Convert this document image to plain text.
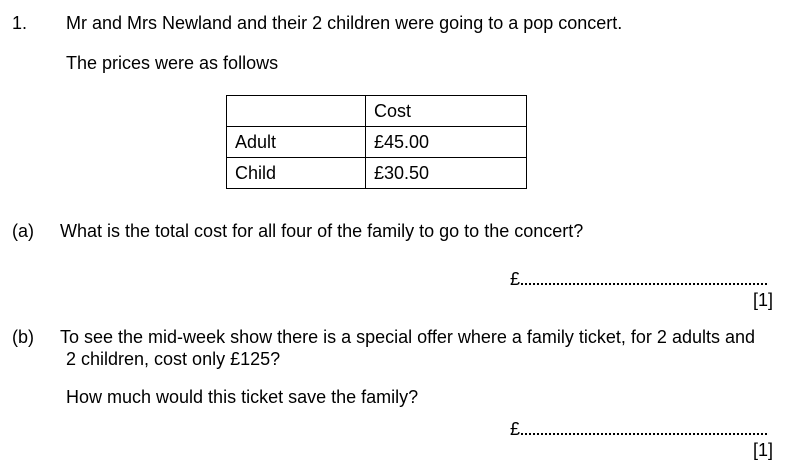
1. Mr and Mrs Newland and their 2 children were going to a pop concert.
The prices were as follows
	Cost
Adult	£45.00
Child	£30.50
(a) What is the total cost for all four of the family to go to the concert?
£
[1]
(b) To see the mid-week show there is a special offer where a family ticket, for 2 adults and
2 children, cost only £125?
How much would this ticket save the family?
£
[1]
